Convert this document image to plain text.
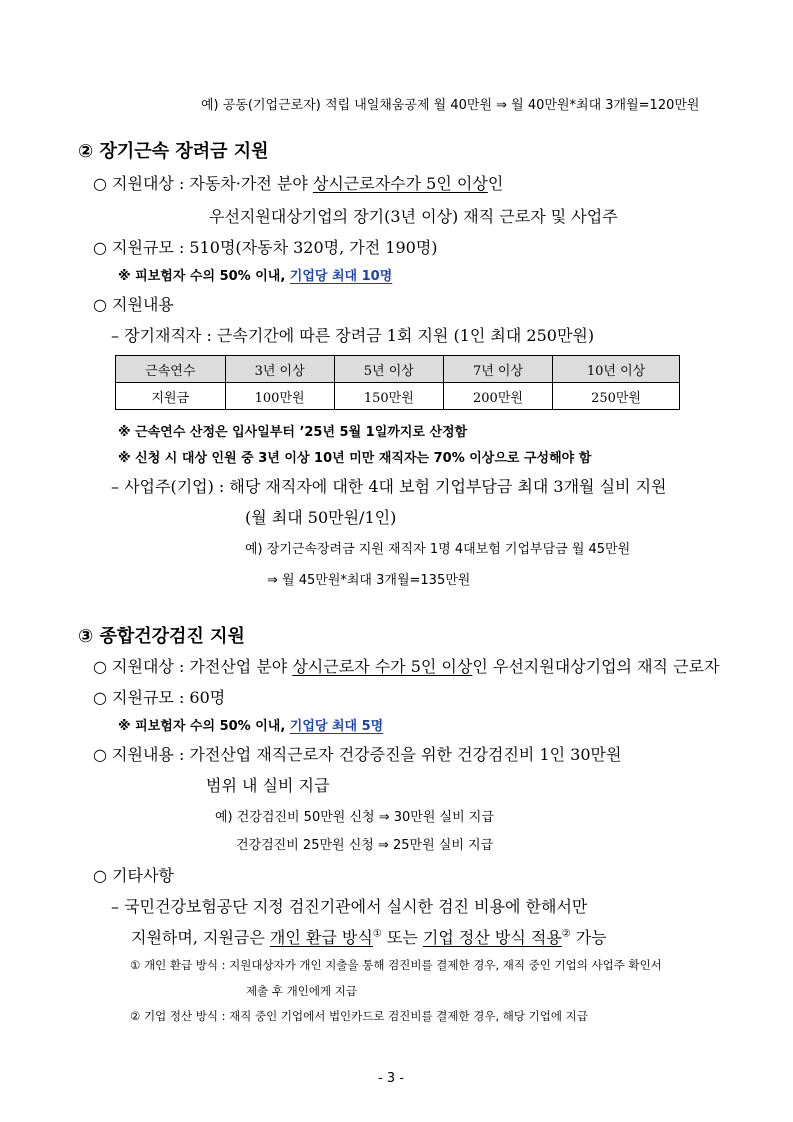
예) 공동(기업근로자) 적립 내일채움공제 월 40만원 ⇒ 월 40만원*최대 3개월=120만원
② 장기근속 장려금 지원
○ 지원대상 : 자동차·가전 분야 상시근로자수가 5인 이상인
우선지원대상기업의 장기(3년 이상) 재직 근로자 및 사업주
○ 지원규모 : 510명(자동차 320명, 가전 190명)
※ 피보험자 수의 50% 이내, 기업당 최대 10명
○ 지원내용
– 장기재직자 : 근속기간에 따른 장려금 1회 지원 (1인 최대 250만원)
근속연수	3년 이상	5년 이상	7년 이상	10년 이상
지원금	100만원	150만원	200만원	250만원
※ 근속연수 산정은 입사일부터 ’25년 5월 1일까지로 산정함
※ 신청 시 대상 인원 중 3년 이상 10년 미만 재직자는 70% 이상으로 구성해야 함
– 사업주(기업) : 해당 재직자에 대한 4대 보험 기업부담금 최대 3개월 실비 지원
(월 최대 50만원/1인)
예) 장기근속장려금 지원 재직자 1명 4대보험 기업부담금 월 45만원
⇒ 월 45만원*최대 3개월=135만원
③ 종합건강검진 지원
○ 지원대상 : 가전산업 분야 상시근로자 수가 5인 이상인 우선지원대상기업의 재직 근로자
○ 지원규모 : 60명
※ 피보험자 수의 50% 이내, 기업당 최대 5명
○ 지원내용 : 가전산업 재직근로자 건강증진을 위한 건강검진비 1인 30만원
범위 내 실비 지급
예) 건강검진비 50만원 신청 ⇒ 30만원 실비 지급
건강검진비 25만원 신청 ⇒ 25만원 실비 지급
○ 기타사항
– 국민건강보험공단 지정 검진기관에서 실시한 검진 비용에 한해서만
지원하며, 지원금은 개인 환급 방식① 또는 기업 정산 방식 적용② 가능
① 개인 환급 방식 : 지원대상자가 개인 지출을 통해 검진비를 결제한 경우, 재직 중인 기업의 사업주 확인서
제출 후 개인에게 지급
② 기업 정산 방식 : 재직 중인 기업에서 법인카드로 검진비를 결제한 경우, 해당 기업에 지급
- 3 -
